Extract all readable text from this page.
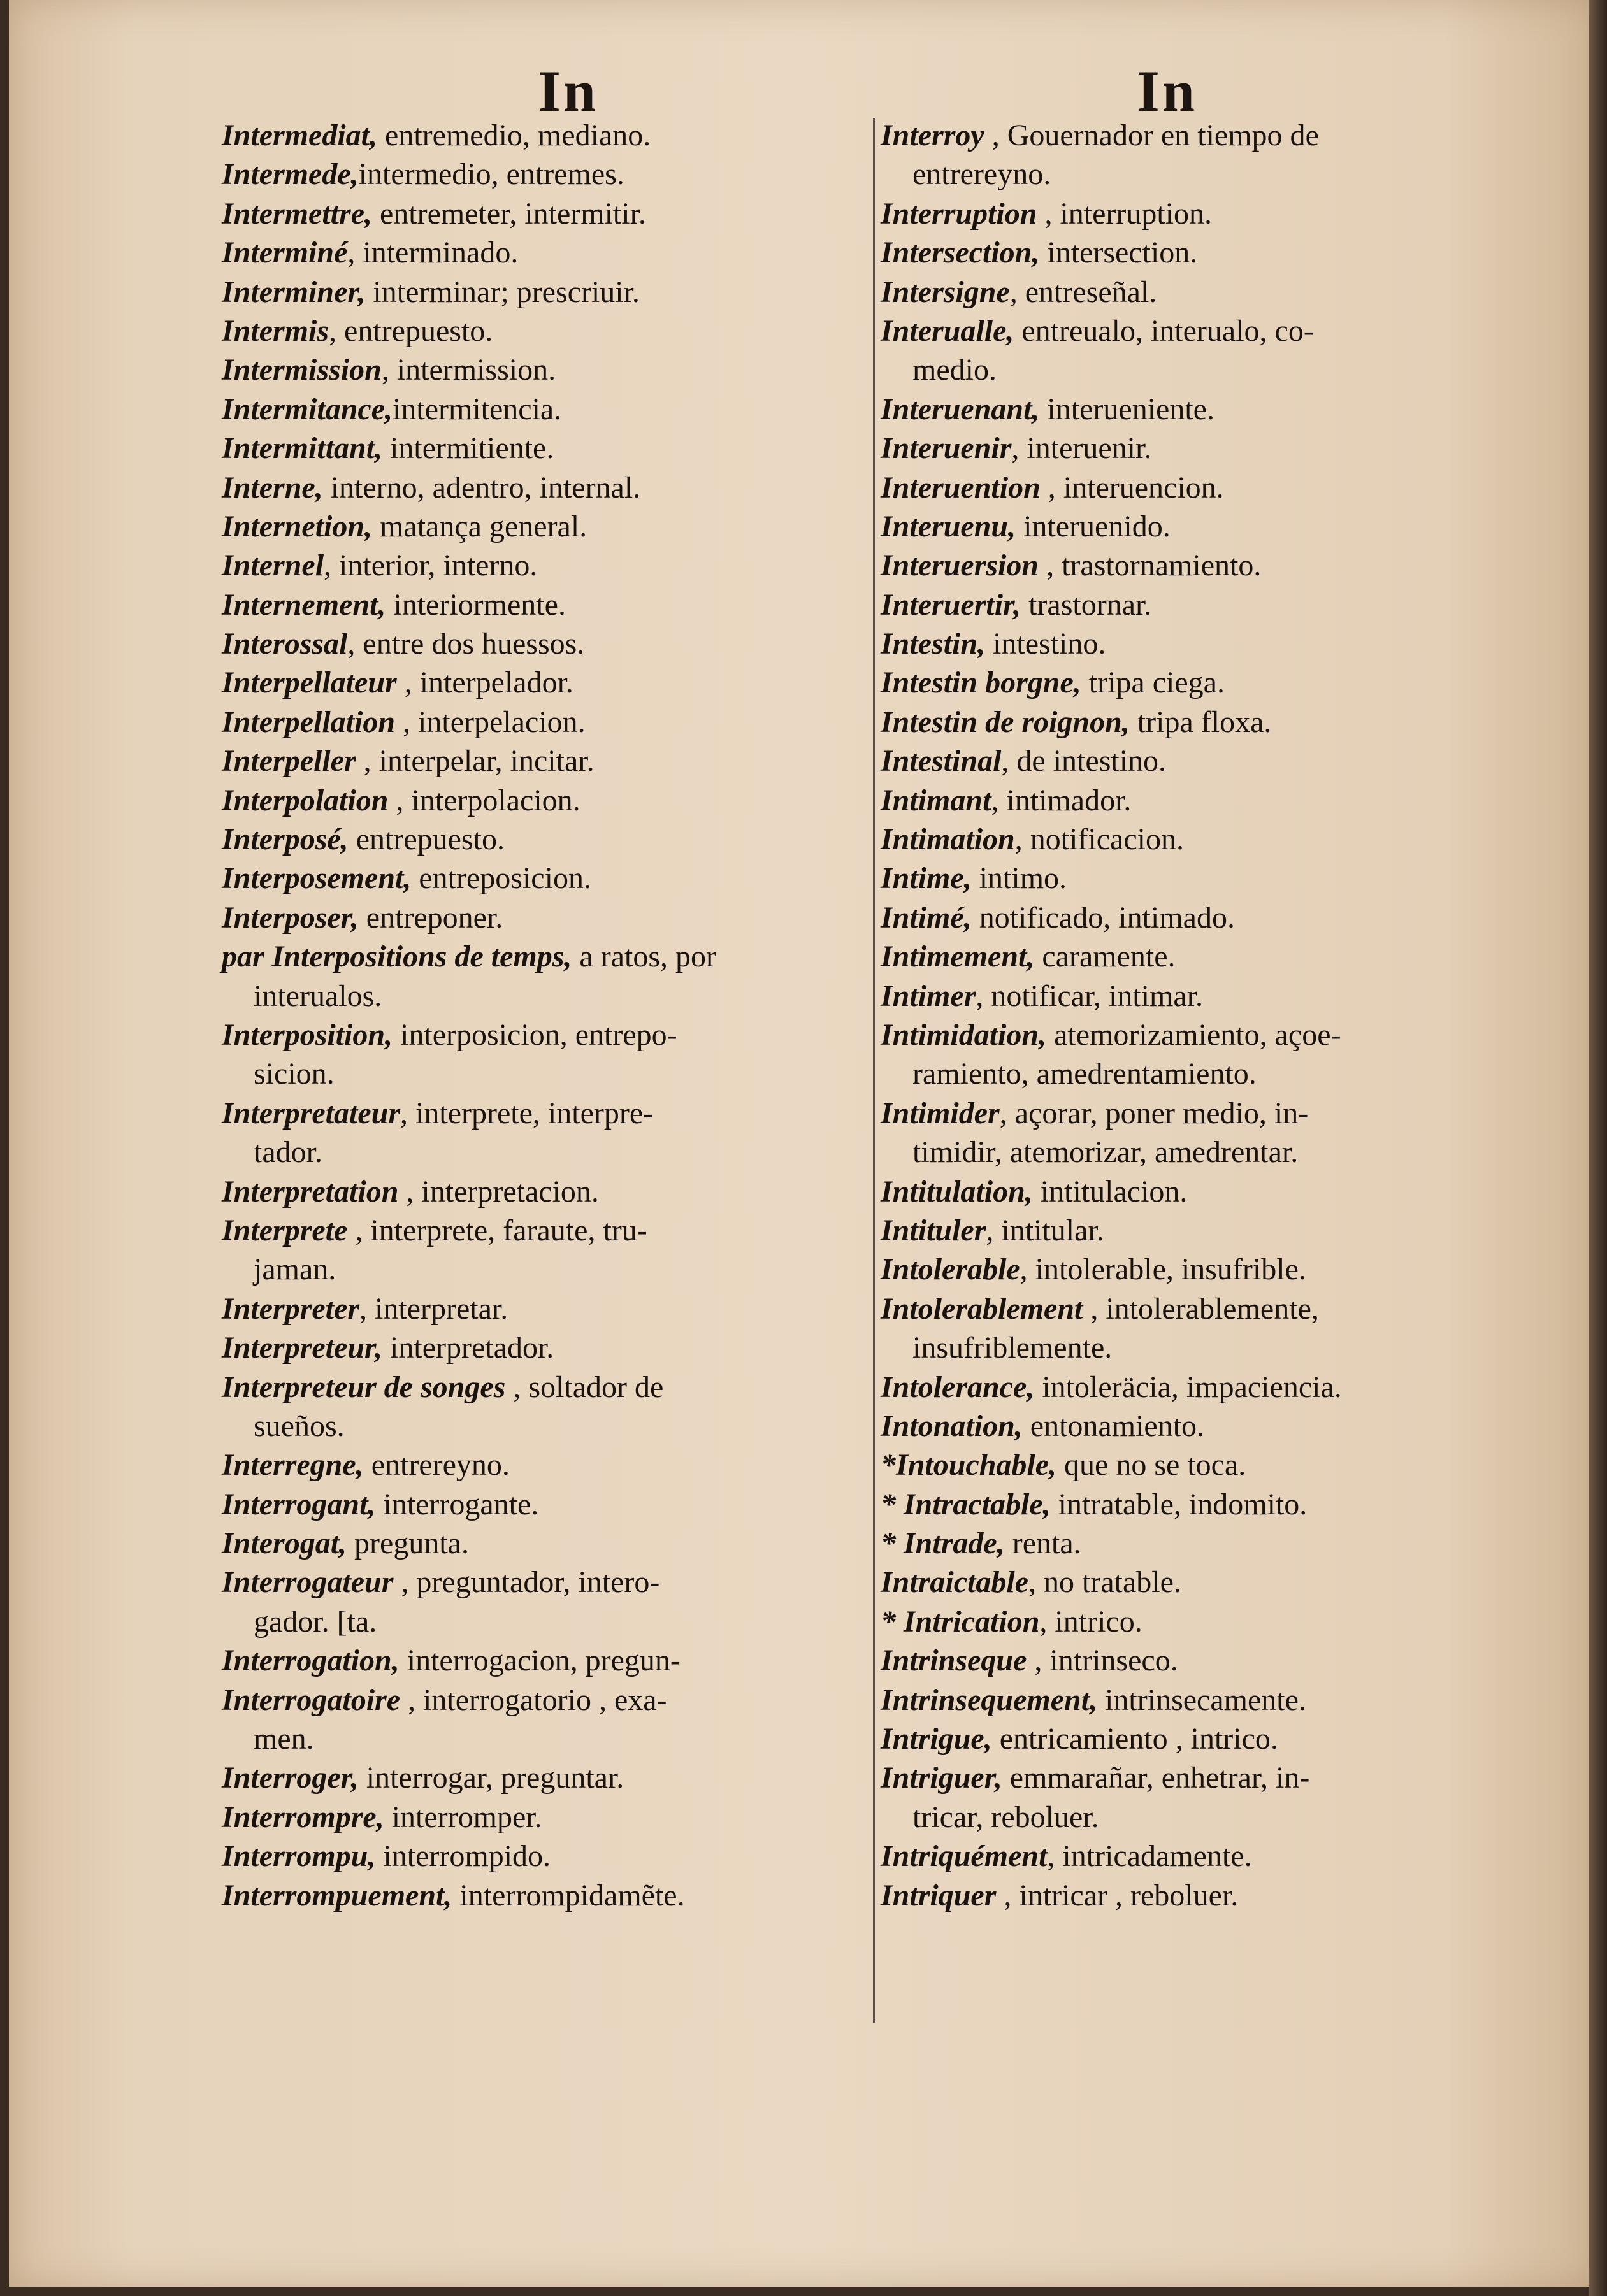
In	In
Intermediat, entremedio, mediano.
Intermede,intermedio, entremes.
Intermettre, entremeter, intermitir.
Interminé, interminado.
Interminer, interminar; prescriuir.
Intermis, entrepuesto.
Intermission, intermission.
Intermitance,intermitencia.
Intermittant, intermitiente.
Interne, interno, adentro, internal.
Internetion, matança general.
Internel, interior, interno.
Internement, interiormente.
Interossal, entre dos huessos.
Interpellateur , interpelador.
Interpellation , interpelacion.
Interpeller , interpelar, incitar.
Interpolation , interpolacion.
Interposé, entrepuesto.
Interposement, entreposicion.
Interposer, entreponer.
par Interpositions de temps, a ratos, por
interualos.
Interposition, interposicion, entrepo-
sicion.
Interpretateur, interprete, interpre-
tador.
Interpretation , interpretacion.
Interprete , interprete, faraute, tru-
jaman.
Interpreter, interpretar.
Interpreteur, interpretador.
Interpreteur de songes , soltador de
sueños.
Interregne, entrereyno.
Interrogant, interrogante.
Interogat, pregunta.
Interrogateur , preguntador, intero-
gador. [ta.
Interrogation, interrogacion, pregun-
Interrogatoire , interrogatorio , exa-
men.
Interroger, interrogar, preguntar.
Interrompre, interromper.
Interrompu, interrompido.
Interrompuement, interrompidamẽte.
Interroy , Gouernador en tiempo de
entrereyno.
Interruption , interruption.
Intersection, intersection.
Intersigne, entreseñal.
Interualle, entreualo, interualo, co-
medio.
Interuenant, interueniente.
Interuenir, interuenir.
Interuention , interuencion.
Interuenu, interuenido.
Interuersion , trastornamiento.
Interuertir, trastornar.
Intestin, intestino.
Intestin borgne, tripa ciega.
Intestin de roignon, tripa floxa.
Intestinal, de intestino.
Intimant, intimador.
Intimation, notificacion.
Intime, intimo.
Intimé, notificado, intimado.
Intimement, caramente.
Intimer, notificar, intimar.
Intimidation, atemorizamiento, açoe-
ramiento, amedrentamiento.
Intimider, açorar, poner medio, in-
timidir, atemorizar, amedrentar.
Intitulation, intitulacion.
Intituler, intitular.
Intolerable, intolerable, insufrible.
Intolerablement , intolerablemente,
insufriblemente.
Intolerance, intoleräcia, impaciencia.
Intonation, entonamiento.
*Intouchable, que no se toca.
* Intractable, intratable, indomito.
* Intrade, renta.
Intraictable, no tratable.
* Intrication, intrico.
Intrinseque , intrinseco.
Intrinsequement, intrinsecamente.
Intrigue, entricamiento , intrico.
Intriguer, emmarañar, enhetrar, in-
tricar, reboluer.
Intriquément, intricadamente.
Intriquer , intricar , reboluer.
